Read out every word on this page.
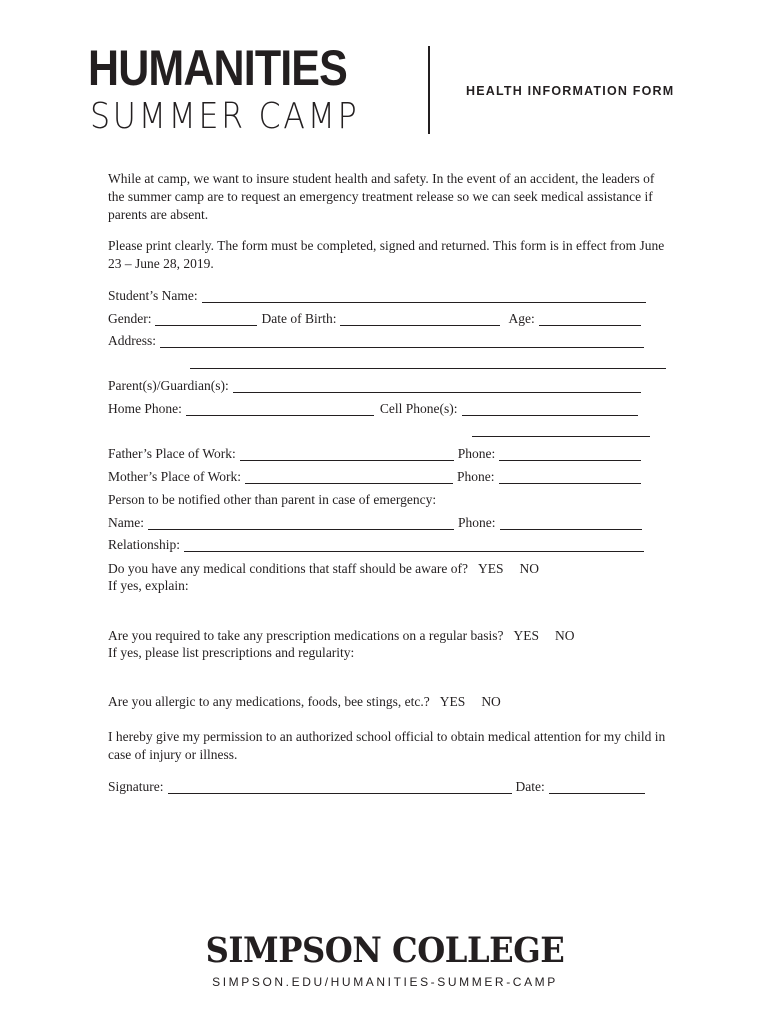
HUMANITIES
SUMMER CAMP
HEALTH INFORMATION FORM

While at camp, we want to insure student health and safety. In the event of an accident, the leaders of the summer camp are to request an emergency treatment release so we can seek medical assistance if parents are absent.

Please print clearly. The form must be completed, signed and returned. This form is in effect from June 23 – June 28, 2019.

Student’s Name:
Gender:	Date of Birth:	Age:
Address:
Parent(s)/Guardian(s):
Home Phone:	Cell Phone(s):
Father’s Place of Work:	Phone:
Mother’s Place of Work:	Phone:
Person to be notified other than parent in case of emergency:
Name:	Phone:
Relationship:
Do you have any medical conditions that staff should be aware of? YES NO
If yes, explain:
Are you required to take any prescription medications on a regular basis? YES NO
If yes, please list prescriptions and regularity:
Are you allergic to any medications, foods, bee stings, etc.? YES NO

I hereby give my permission to an authorized school official to obtain medical attention for my child in case of injury or illness.

Signature:	Date:
SIMPSON COLLEGE
SIMPSON.EDU/HUMANITIES-SUMMER-CAMP
